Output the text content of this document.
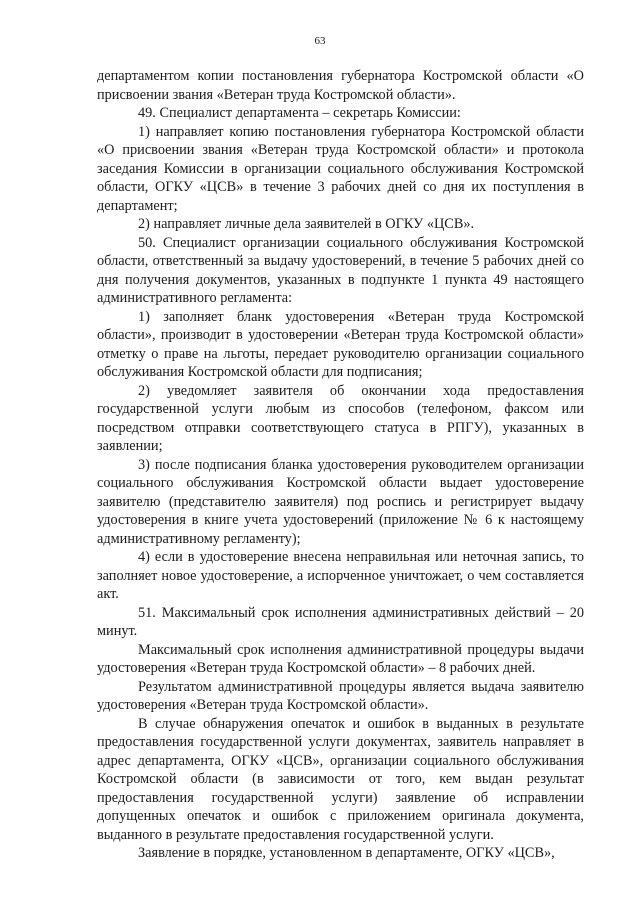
63

департаментом копии постановления губернатора Костромской области «О присвоении звания «Ветеран труда Костромской области».

49. Специалист департамента – секретарь Комиссии:

1) направляет копию постановления губернатора Костромской области «О присвоении звания «Ветеран труда Костромской области» и протокола заседания Комиссии в организации социального обслуживания Костромской области, ОГКУ «ЦСВ» в течение 3 рабочих дней со дня их поступления в департамент;

2) направляет личные дела заявителей в ОГКУ «ЦСВ».

50. Специалист организации социального обслуживания Костромской области, ответственный за выдачу удостоверений, в течение 5 рабочих дней со дня получения документов, указанных в подпункте 1 пункта 49 настоящего административного регламента:

1) заполняет бланк удостоверения «Ветеран труда Костромской области», производит в удостоверении «Ветеран труда Костромской области» отметку о праве на льготы, передает руководителю организации социального обслуживания Костромской области для подписания;

2) уведомляет заявителя об окончании хода предоставления государственной услуги любым из способов (телефоном, факсом или посредством отправки соответствующего статуса в РПГУ), указанных в заявлении;

3) после подписания бланка удостоверения руководителем организации социального обслуживания Костромской области выдает удостоверение заявителю (представителю заявителя) под роспись и регистрирует выдачу удостоверения в книге учета удостоверений (приложение № 6 к настоящему административному регламенту);

4) если в удостоверение внесена неправильная или неточная запись, то заполняет новое удостоверение, а испорченное уничтожает, о чем составляется акт.

51. Максимальный срок исполнения административных действий – 20 минут.

Максимальный срок исполнения административной процедуры выдачи удостоверения «Ветеран труда Костромской области» – 8 рабочих дней.

Результатом административной процедуры является выдача заявителю удостоверения «Ветеран труда Костромской области».

В случае обнаружения опечаток и ошибок в выданных в результате предоставления государственной услуги документах, заявитель направляет в адрес департамента, ОГКУ «ЦСВ», организации социального обслуживания Костромской области (в зависимости от того, кем выдан результат предоставления государственной услуги) заявление об исправлении допущенных опечаток и ошибок с приложением оригинала документа, выданного в результате предоставления государственной услуги.

Заявление в порядке, установленном в департаменте, ОГКУ «ЦСВ»,
